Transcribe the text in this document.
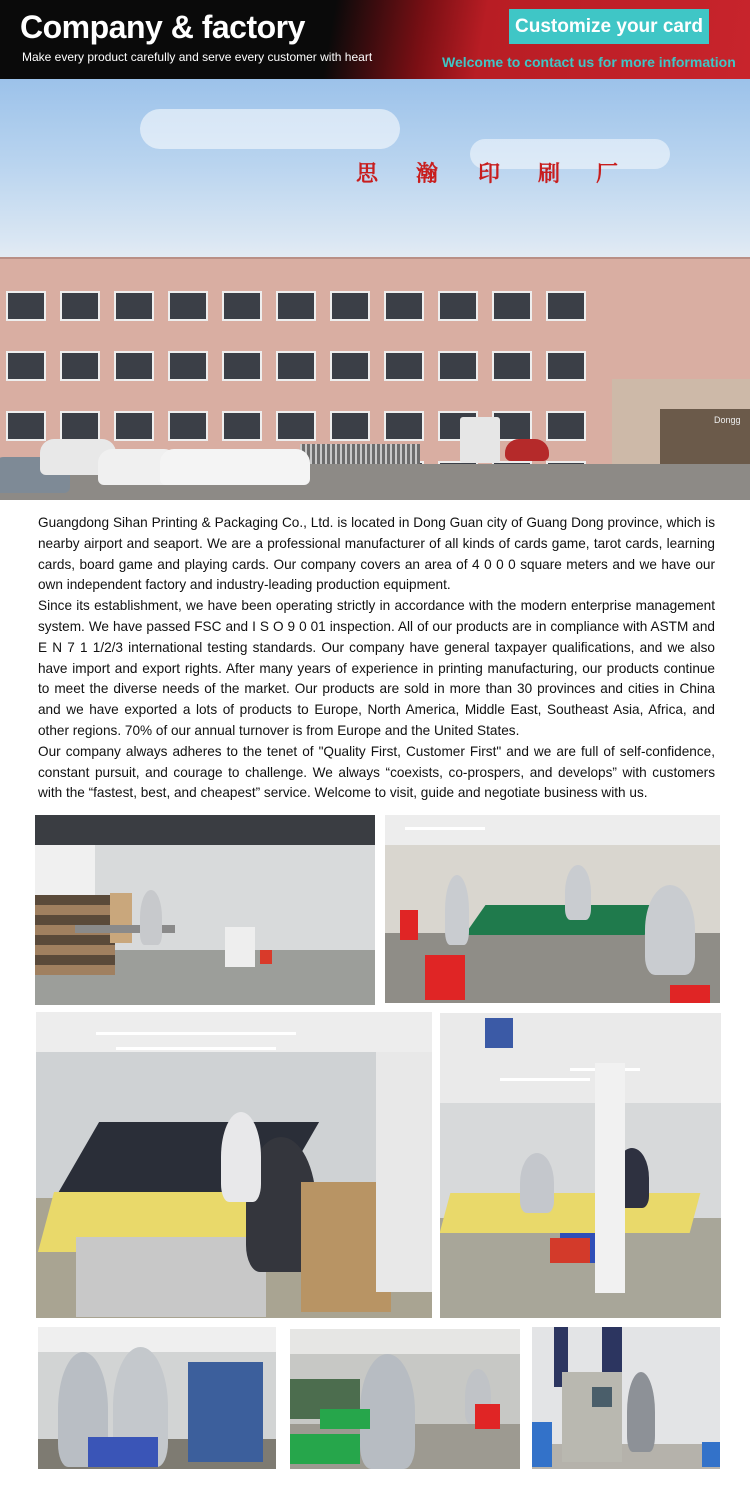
Company & factory
Make every product carefully and serve every customer with heart
Customize your card
Welcome to contact us for more information
思 瀚 印 刷 厂
Dongg

Guangdong Sihan Printing & Packaging Co., Ltd. is located in Dong Guan city of Guang Dong province, which is nearby airport and seaport. We are a professional manufacturer of all kinds of cards game, tarot cards, learning cards, board game and playing cards. Our company covers an area of 4 0 0 0 square meters and we have our own independent factory and industry-leading production equipment.

Since its establishment, we have been operating strictly in accordance with the modern enterprise management system. We have passed FSC and I S O 9 0 01 inspection. All of our products are in compliance with ASTM and E N 7 1 1/2/3 international testing standards. Our company have general taxpayer qualifications, and we also have import and export rights. After many years of experience in printing manufacturing, our products continue to meet the diverse needs of the market. Our products are sold in more than 30 provinces and cities in China and we have exported a lots of products to Europe, North America, Middle East, Southeast Asia, Africa, and other regions. 70% of our annual turnover is from Europe and the United States.

Our company always adheres to the tenet of "Quality First, Customer First" and we are full of self-confidence, constant pursuit, and courage to challenge. We always “coexists, co-prospers, and develops” with customers with the “fastest, best, and cheapest” service. Welcome to visit, guide and negotiate business with us.
